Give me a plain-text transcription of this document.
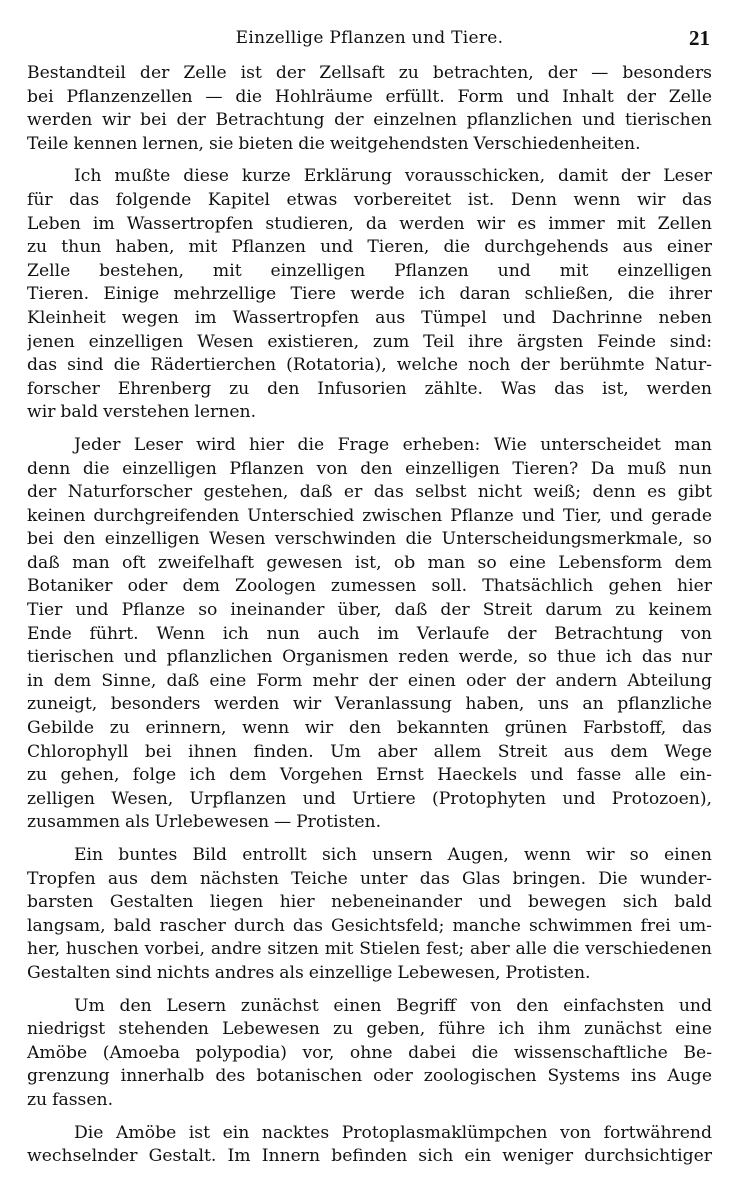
Einzellige Pflanzen und Tiere.	21

Bestandteil der Zelle ist der Zellsaft zu betrachten, der — besonders
bei Pflanzenzellen — die Hohlräume erfüllt. Form und Inhalt der Zelle
werden wir bei der Betrachtung der einzelnen pflanzlichen und tierischen
Teile kennen lernen, sie bieten die weitgehendsten Verschiedenheiten.

Ich mußte diese kurze Erklärung vorausschicken, damit der Leser
für das folgende Kapitel etwas vorbereitet ist. Denn wenn wir das
Leben im Wassertropfen studieren, da werden wir es immer mit Zellen
zu thun haben, mit Pflanzen und Tieren, die durchgehends aus einer
Zelle bestehen, mit einzelligen Pflanzen und mit einzelligen
Tieren. Einige mehrzellige Tiere werde ich daran schließen, die ihrer
Kleinheit wegen im Wassertropfen aus Tümpel und Dachrinne neben
jenen einzelligen Wesen existieren, zum Teil ihre ärgsten Feinde sind:
das sind die Rädertierchen (Rotatoria), welche noch der berühmte Natur-
forscher Ehrenberg zu den Infusorien zählte. Was das ist, werden
wir bald verstehen lernen.

Jeder Leser wird hier die Frage erheben: Wie unterscheidet man
denn die einzelligen Pflanzen von den einzelligen Tieren? Da muß nun
der Naturforscher gestehen, daß er das selbst nicht weiß; denn es gibt
keinen durchgreifenden Unterschied zwischen Pflanze und Tier, und gerade
bei den einzelligen Wesen verschwinden die Unterscheidungsmerkmale, so
daß man oft zweifelhaft gewesen ist, ob man so eine Lebensform dem
Botaniker oder dem Zoologen zumessen soll. Thatsächlich gehen hier
Tier und Pflanze so ineinander über, daß der Streit darum zu keinem
Ende führt. Wenn ich nun auch im Verlaufe der Betrachtung von
tierischen und pflanzlichen Organismen reden werde, so thue ich das nur
in dem Sinne, daß eine Form mehr der einen oder der andern Abteilung
zuneigt, besonders werden wir Veranlassung haben, uns an pflanzliche
Gebilde zu erinnern, wenn wir den bekannten grünen Farbstoff, das
Chlorophyll bei ihnen finden. Um aber allem Streit aus dem Wege
zu gehen, folge ich dem Vorgehen Ernst Haeckels und fasse alle ein-
zelligen Wesen, Urpflanzen und Urtiere (Protophyten und Protozoen),
zusammen als Urlebewesen — Protisten.

Ein buntes Bild entrollt sich unsern Augen, wenn wir so einen
Tropfen aus dem nächsten Teiche unter das Glas bringen. Die wunder-
barsten Gestalten liegen hier nebeneinander und bewegen sich bald
langsam, bald rascher durch das Gesichtsfeld; manche schwimmen frei um-
her, huschen vorbei, andre sitzen mit Stielen fest; aber alle die verschiedenen
Gestalten sind nichts andres als einzellige Lebewesen, Protisten.

Um den Lesern zunächst einen Begriff von den einfachsten und
niedrigst stehenden Lebewesen zu geben, führe ich ihm zunächst eine
Amöbe (Amoeba polypodia) vor, ohne dabei die wissenschaftliche Be-
grenzung innerhalb des botanischen oder zoologischen Systems ins Auge
zu fassen.

Die Amöbe ist ein nacktes Protoplasmaklümpchen von fortwährend
wechselnder Gestalt. Im Innern befinden sich ein weniger durchsichtiger
